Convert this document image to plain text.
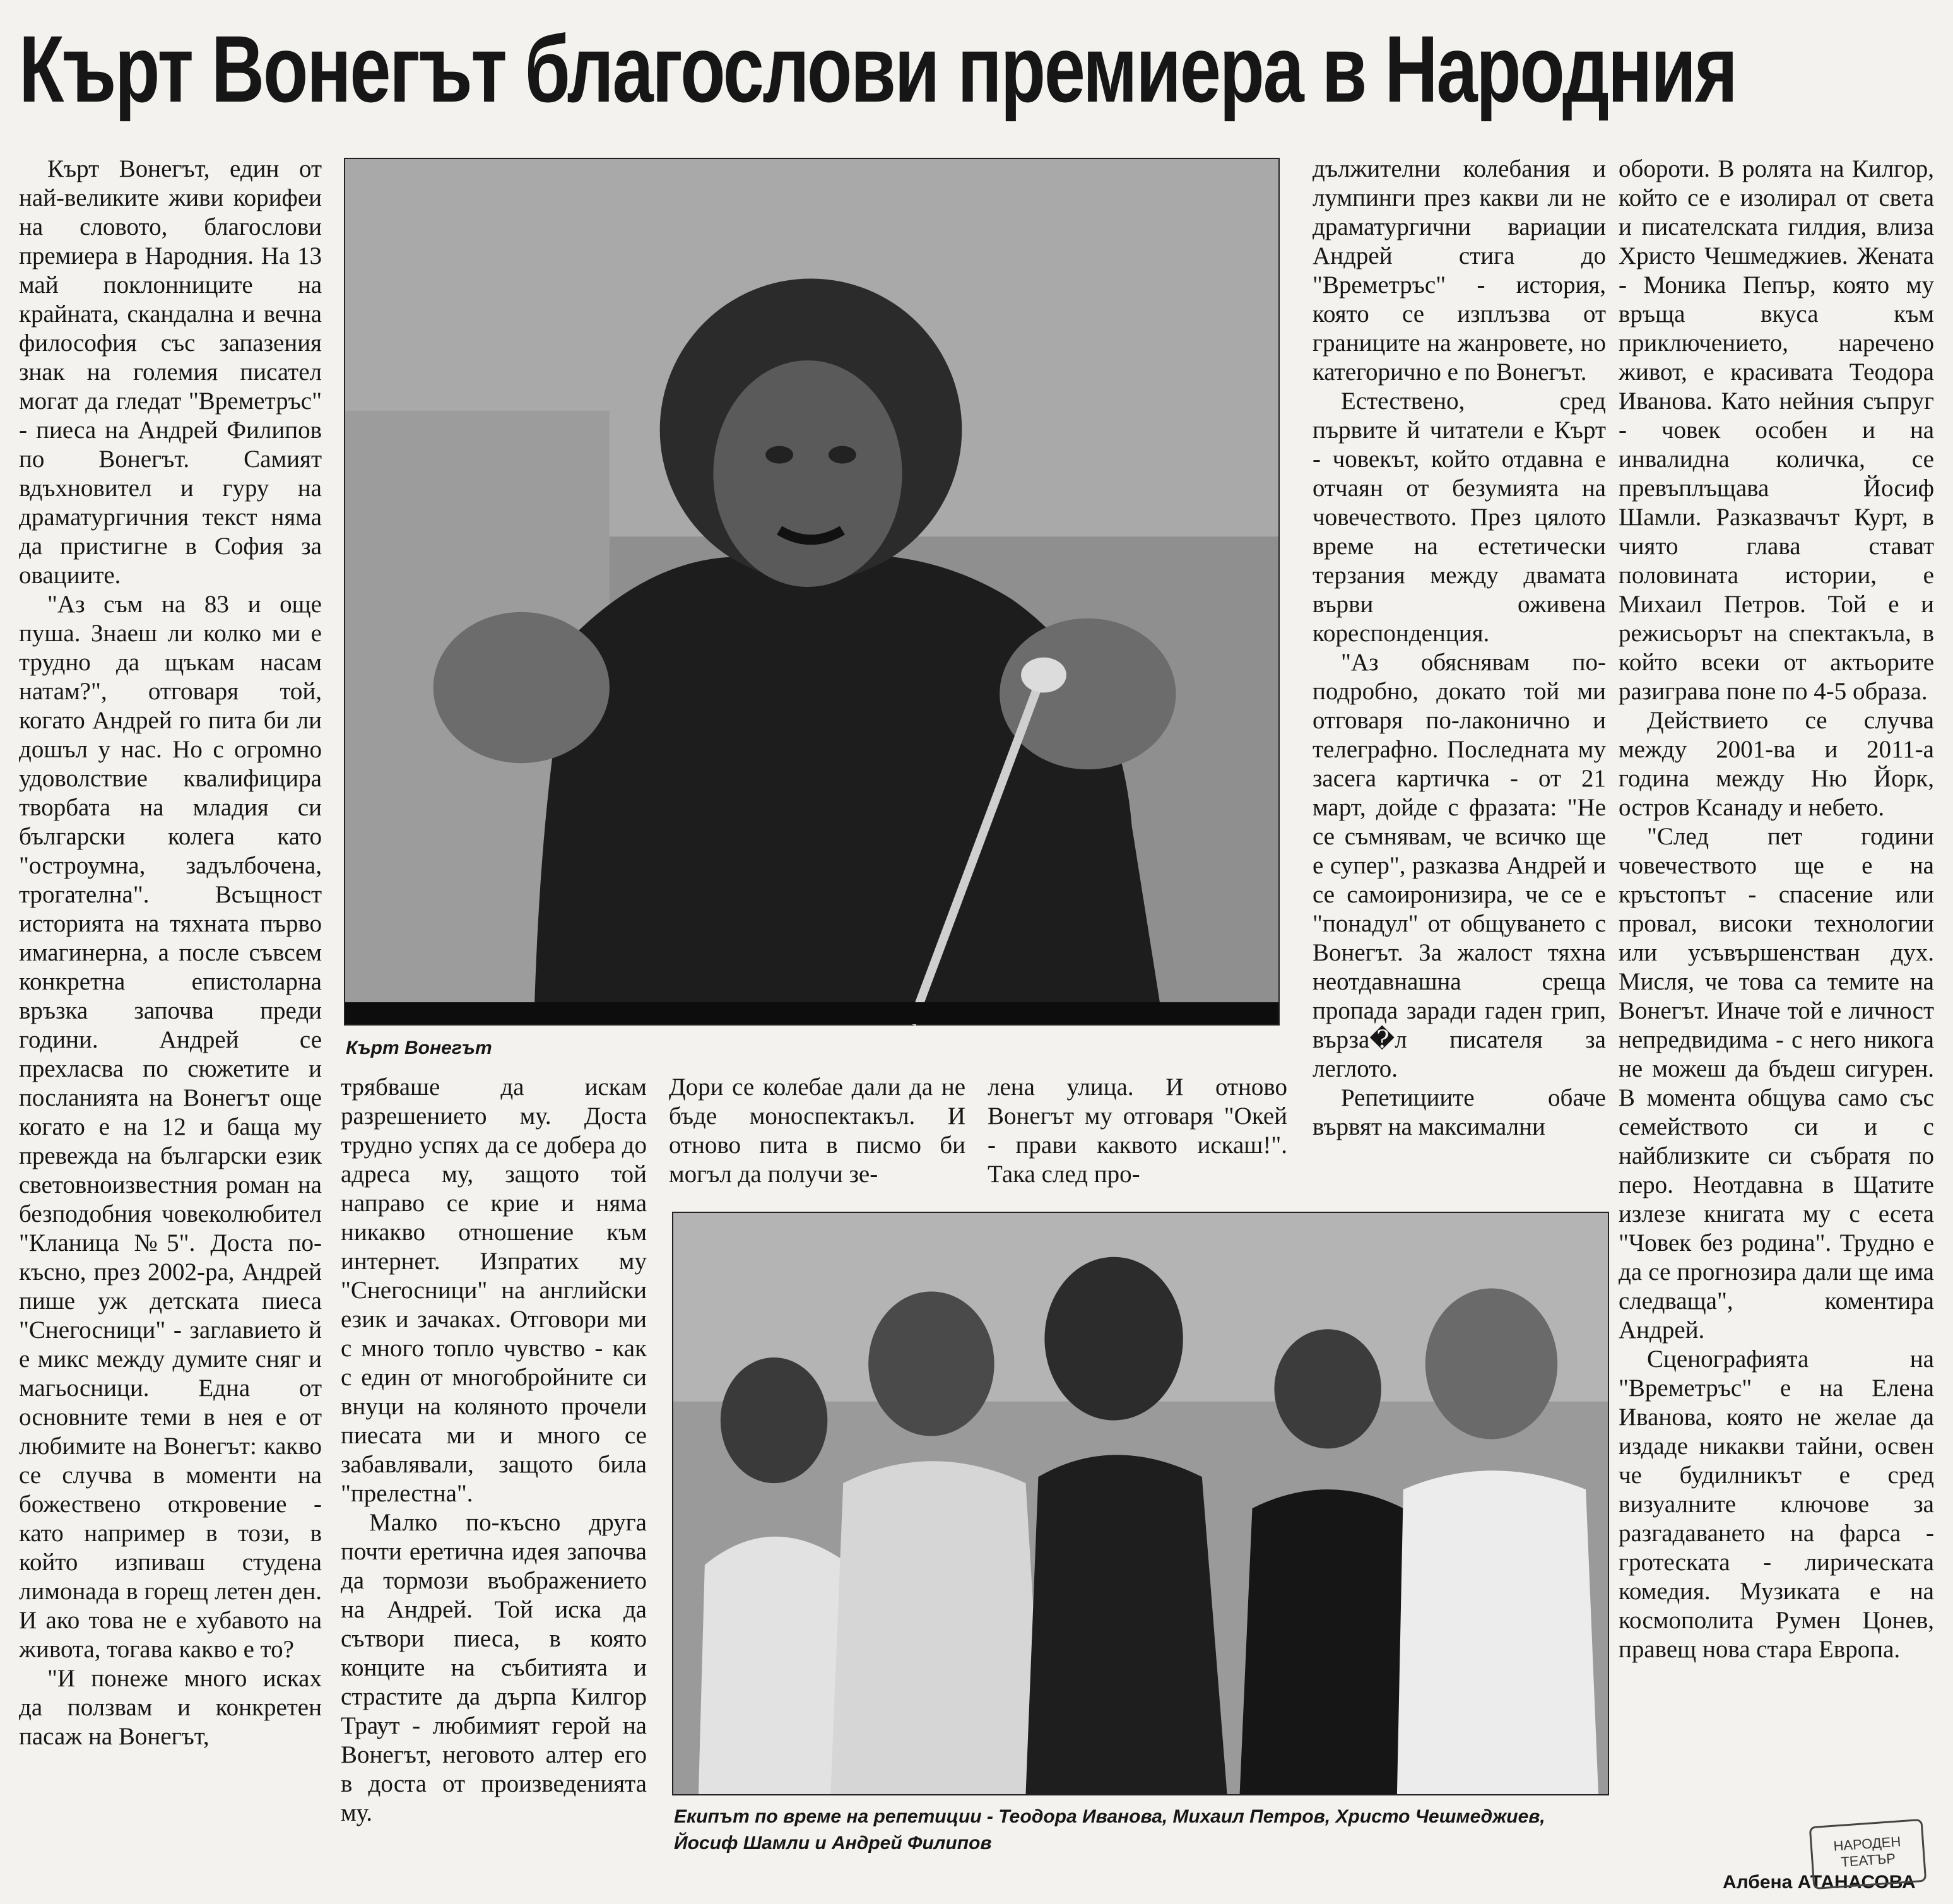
Кърт Вонегът благослови премиера в Народния

Кърт Вонегът, един от най-великите живи корифеи на словото, благослови премиера в Народния. На 13 май поклонниците на крайната, скандална и вечна философия със запазения знак на големия писател могат да гледат "Времетръс" - пиеса на Андрей Филипов по Вонегът. Самият вдъхновител и гуру на драматургичния текст няма да пристигне в София за овациите.

"Аз съм на 83 и още пуша. Знаеш ли колко ми е трудно да щъкам насам натам?", отговаря той, когато Андрей го пита би ли дошъл у нас. Но с огромно удоволствие квалифицира творбата на младия си български колега като "остроумна, задълбочена, трогателна". Всъщност историята на тяхната първо имагинерна, а после съвсем конкретна епистоларна връзка започва преди години. Андрей се прехласва по сюжетите и посланията на Вонегът още когато е на 12 и баща му превежда на български език световноизвестния роман на безподобния човеколюбител "Кланица №5". Доста по-късно, през 2002-ра, Андрей пише уж детската пиеса "Снегосници" - заглавието й е микс между думите сняг и магьосници. Една от основните теми в нея е от любимите на Вонегът: какво се случва в моменти на божествено откровение - като например в този, в който изпиваш студена лимонада в горещ летен ден. И ако това не е хубавото на живота, тогава какво е то?

"И понеже много исках да ползвам и конкретен пасаж на Вонегът,

Кърт Вонегът

трябваше да искам разрешението му. Доста трудно успях да се добера до адреса му, защото той направо се крие и няма никакво отношение към интернет. Изпратих му "Снегосници" на английски език и зачаках. Отговори ми с много топло чувство - как с един от многобройните си внуци на коляното прочели пиесата ми и много се забавлявали, защото била "прелестна".

Малко по-късно друга почти еретична идея започва да тормози въображението на Андрей. Той иска да сътвори пиеса, в която конците на събитията и страстите да дърпа Килгор Траут - любимият герой на Вонегът, неговото алтер его в доста от произведенията му.

Дори се колебае дали да не бъде моноспектакъл. И отново пита в писмо би могъл да получи зе-

лена улица. И отново Вонегът му отговаря "Окей - прави каквото искаш!". Така след про-

Екипът по време на репетиции - Теодора Иванова, Михаил Петров, Христо Чешмеджиев, Йосиф Шамли и Андрей Филипов

дължителни колебания и лумпинги през какви ли не драматургични вариации Андрей стига до "Времетръс" - история, която се изплъзва от границите на жанровете, но категорично е по Вонегът.

Естествено, сред първите й читатели е Кърт - човекът, който отдавна е отчаян от безумията на човечеството. През цялото време на естетически терзания между двамата върви оживена кореспонденция.

"Аз обяснявам по-подробно, докато той ми отговаря по-лаконично и телеграфно. Последната му засега картичка - от 21 март, дойде с фразата: "Не се съмнявам, че всичко ще е супер", разказва Андрей и се самоиронизира, че се е "понадул" от общуването с Вонегът. За жалост тяхна неотдавнашна среща пропада заради гаден грип, върза�л писателя за леглото.

Репетициите обаче вървят на максимални

обороти. В ролята на Килгор, който се е изолирал от света и писателската гилдия, влиза Христо Чешмеджиев. Жената - Моника Пепър, която му връща вкуса към приключението, наречено живот, е красивата Теодора Иванова. Като нейния съпруг - човек особен и на инвалидна количка, се превъплъщава Йосиф Шамли. Разказвачът Курт, в чиято глава стават половината истории, е Михаил Петров. Той е и режисьорът на спектакъла, в който всеки от актьорите разиграва поне по 4-5 образа.

Действието се случва между 2001-ва и 2011-а година между Ню Йорк, остров Ксанаду и небето.

"След пет години човечеството ще е на кръстопът - спасение или провал, високи технологии или усъвършенстван дух. Мисля, че това са темите на Вонегът. Иначе той е личност непредвидима - с него никога не можеш да бъдеш сигурен. В момента общува само със семейството си и с найблизките си събратя по перо. Неотдавна в Щатите излезе книгата му с есета "Човек без родина". Трудно е да се прогнозира дали ще има следваща", коментира Андрей.

Сценографията на "Времетръс" е на Елена Иванова, която не желае да издаде никакви тайни, освен че будилникът е сред визуалните ключове за разгадаването на фарса - гротеската - лирическата комедия. Музиката е на космополита Румен Цонев, правещ нова стара Европа.

Албена АТАНАСОВА
НАРОДЕН ТЕАТЪР
